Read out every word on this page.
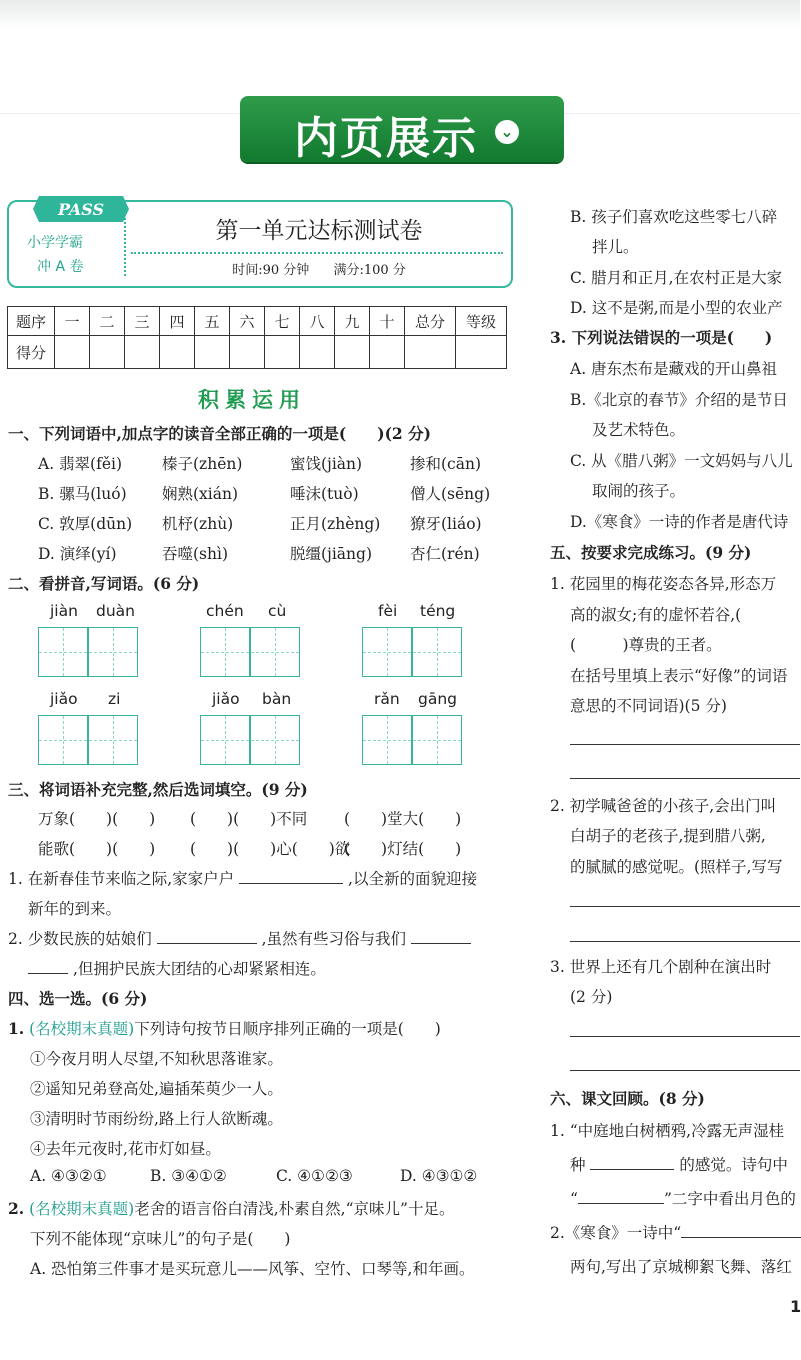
内页展示	⌄
PASS
小学学霸
冲 A 卷
第一单元达标测试卷
时间:90 分钟 满分:100 分
题序	一	二	三	四	五	六	七	八	九	十	总分	等级
得分												
积累运用
一、下列词语中,加点字的读音全部正确的一项是(　　)(2 分)
A. 翡翠(fěi)	榛子(zhēn)	蜜饯(jiàn)	掺和(cān)
B. 骡马(luó) 娴熟(xián)	唾沫(tuò)	僧人(sēng)
C. 敦厚(dūn) 机杼(zhù)	正月(zhèng) 獠牙(liáo)
D. 演绎(yí)	吞噬(shì)	脱缰(jiāng) 杏仁(rén)
二、看拼音,写词语。(6 分)
jiàn duàn	chén cù	fèi téng
jiǎo zi	jiǎo bàn	rǎn gāng
三、将词语补充完整,然后选词填空。(9 分)
万象(　　)(　　) (　　)(　　)不同 (　　)堂大(　　)
能歌(　　)(　　) (　　)(　　)心(　　)欲
(　　)灯结(　　)
1. 在新春佳节来临之际,家家户户	,以全新的面貌迎接
新年的到来。
2. 少数民族的姑娘们	,虽然有些习俗与我们
,但拥护民族大团结的心却紧紧相连。
四、选一选。(6 分)
1. (名校期末真题)下列诗句按节日顺序排列正确的一项是(　　)
①今夜月明人尽望,不知秋思落谁家。
②遥知兄弟登高处,遍插茱萸少一人。
③清明时节雨纷纷,路上行人欲断魂。
④去年元夜时,花市灯如昼。
A. ④③②①	B. ③④①②	C. ④①②③	D. ④③①②
2. (名校期末真题)老舍的语言俗白清浅,朴素自然,“京味儿”十足。
下列不能体现“京味儿”的句子是(　　)
A. 恐怕第三件事才是买玩意儿——风筝、空竹、口琴等,和年画。
B. 孩子们喜欢吃这些零七八碎
拌儿。
C. 腊月和正月,在农村正是大家
D. 这不是粥,而是小型的农业产
3. 下列说法错误的一项是(　　)
A. 唐东杰布是藏戏的开山鼻祖
B.《北京的春节》介绍的是节日
及艺术特色。
C. 从《腊八粥》一文妈妈与八儿
取闹的孩子。
D.《寒食》一诗的作者是唐代诗
五、按要求完成练习。(9 分)
1. 花园里的梅花姿态各异,形态万
高的淑女;有的虚怀若谷,(
(　　　)尊贵的王者。
在括号里填上表示“好像”的词语
意思的不同词语)(5 分)
2. 初学喊爸爸的小孩子,会出门叫
白胡子的老孩子,提到腊八粥,
的腻腻的感觉呢。(照样子,写写
3. 世界上还有几个剧种在演出时
(2 分)
六、课文回顾。(8 分)
1. “中庭地白树栖鸦,冷露无声湿桂
种	的感觉。诗句中
“	”二字中看出月色的
2.《寒食》一诗中“
两句,写出了京城柳絮飞舞、落红
1
